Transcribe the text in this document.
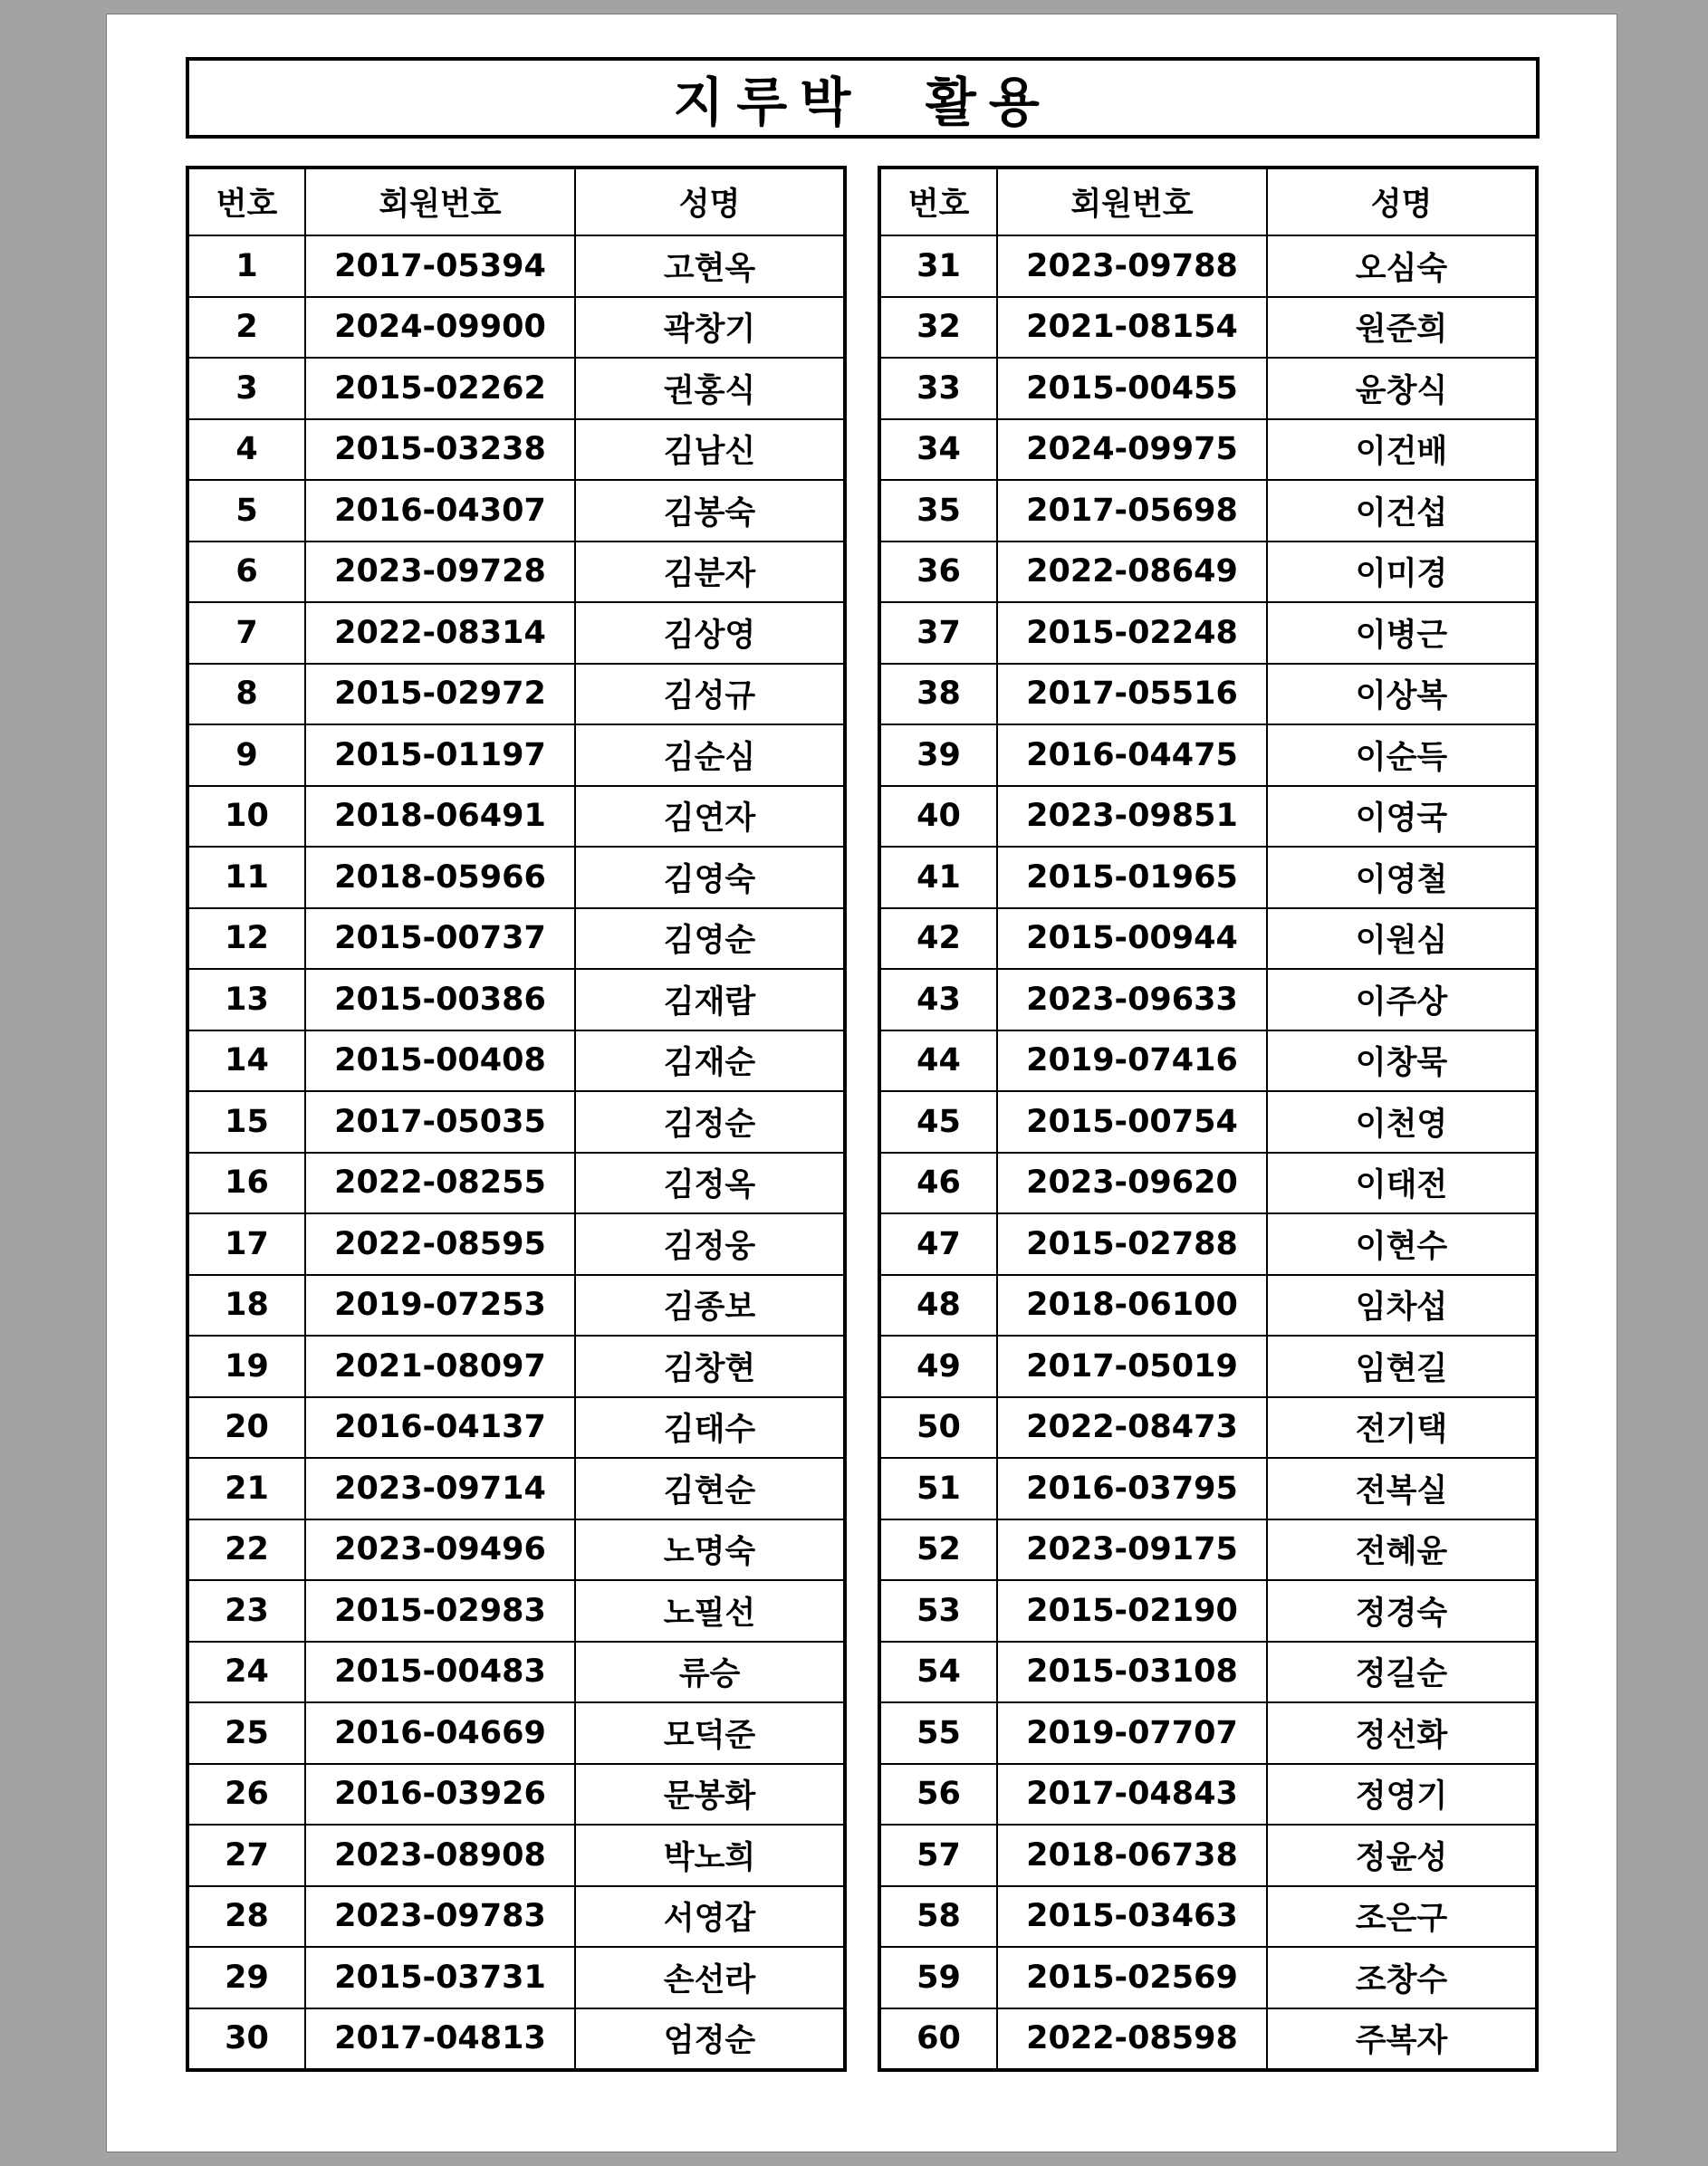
지루박  활용
번호	회원번호	성명
1	2017-05394	고현옥
2	2024-09900	곽창기
3	2015-02262	권홍식
4	2015-03238	김남신
5	2016-04307	김봉숙
6	2023-09728	김분자
7	2022-08314	김상영
8	2015-02972	김성규
9	2015-01197	김순심
10	2018-06491	김연자
11	2018-05966	김영숙
12	2015-00737	김영순
13	2015-00386	김재람
14	2015-00408	김재순
15	2017-05035	김정순
16	2022-08255	김정옥
17	2022-08595	김정웅
18	2019-07253	김종보
19	2021-08097	김창현
20	2016-04137	김태수
21	2023-09714	김현순
22	2023-09496	노명숙
23	2015-02983	노필선
24	2015-00483	류승
25	2016-04669	모덕준
26	2016-03926	문봉화
27	2023-08908	박노희
28	2023-09783	서영갑
29	2015-03731	손선라
30	2017-04813	엄정순
번호	회원번호	성명
31	2023-09788	오심숙
32	2021-08154	원준희
33	2015-00455	윤창식
34	2024-09975	이건배
35	2017-05698	이건섭
36	2022-08649	이미경
37	2015-02248	이병근
38	2017-05516	이상복
39	2016-04475	이순득
40	2023-09851	이영국
41	2015-01965	이영철
42	2015-00944	이원심
43	2023-09633	이주상
44	2019-07416	이창묵
45	2015-00754	이천영
46	2023-09620	이태전
47	2015-02788	이현수
48	2018-06100	임차섭
49	2017-05019	임현길
50	2022-08473	전기택
51	2016-03795	전복실
52	2023-09175	전혜윤
53	2015-02190	정경숙
54	2015-03108	정길순
55	2019-07707	정선화
56	2017-04843	정영기
57	2018-06738	정윤성
58	2015-03463	조은구
59	2015-02569	조창수
60	2022-08598	주복자
